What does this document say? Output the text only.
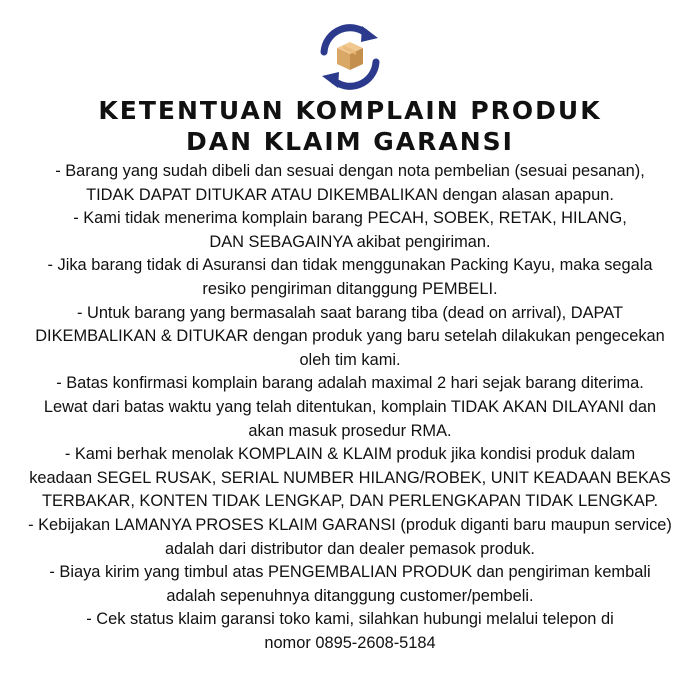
KETENTUAN KOMPLAIN PRODUK
DAN KLAIM GARANSI
- Barang yang sudah dibeli dan sesuai dengan nota pembelian (sesuai pesanan),
TIDAK DAPAT DITUKAR ATAU DIKEMBALIKAN dengan alasan apapun.
- Kami tidak menerima komplain barang PECAH, SOBEK, RETAK, HILANG,
DAN SEBAGAINYA akibat pengiriman.
- Jika barang tidak di Asuransi dan tidak menggunakan Packing Kayu, maka segala
resiko pengiriman ditanggung PEMBELI.
- Untuk barang yang bermasalah saat barang tiba (dead on arrival), DAPAT
DIKEMBALIKAN & DITUKAR dengan produk yang baru setelah dilakukan pengecekan
oleh tim kami.
- Batas konfirmasi komplain barang adalah maximal 2 hari sejak barang diterima.
Lewat dari batas waktu yang telah ditentukan, komplain TIDAK AKAN DILAYANI dan
akan masuk prosedur RMA.
- Kami berhak menolak KOMPLAIN & KLAIM produk jika kondisi produk dalam
keadaan SEGEL RUSAK, SERIAL NUMBER HILANG/ROBEK, UNIT KEADAAN BEKAS
TERBAKAR, KONTEN TIDAK LENGKAP, DAN PERLENGKAPAN TIDAK LENGKAP.
- Kebijakan LAMANYA PROSES KLAIM GARANSI (produk diganti baru maupun service)
adalah dari distributor dan dealer pemasok produk.
- Biaya kirim yang timbul atas PENGEMBALIAN PRODUK dan pengiriman kembali
adalah sepenuhnya ditanggung customer/pembeli.
- Cek status klaim garansi toko kami, silahkan hubungi melalui telepon di
nomor 0895-2608-5184
